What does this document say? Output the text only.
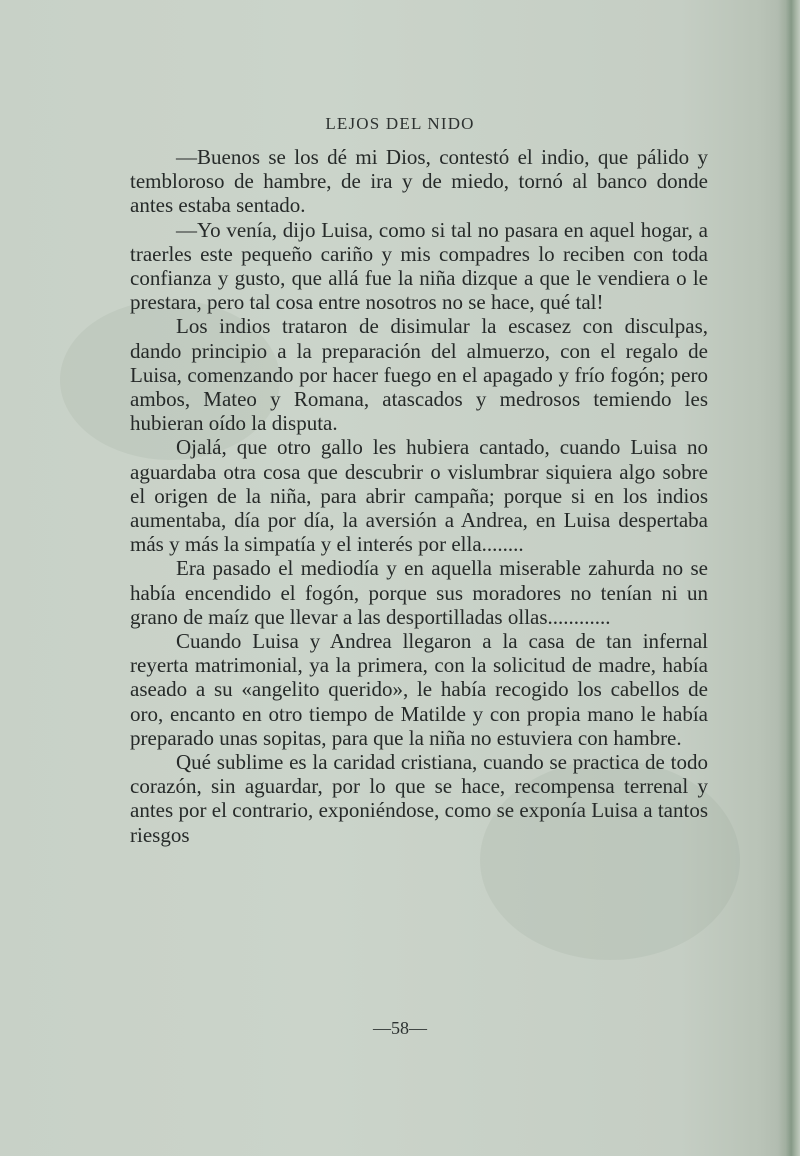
LEJOS DEL NIDO

—Buenos se los dé mi Dios, contestó el indio, que pálido y tembloroso de hambre, de ira y de miedo, tornó al banco donde antes estaba sentado.

—Yo venía, dijo Luisa, como si tal no pasara en aquel hogar, a traerles este pequeño cariño y mis compadres lo reciben con toda confianza y gusto, que allá fue la niña dizque a que le vendiera o le prestara, pero tal cosa entre nosotros no se hace, qué tal!

Los indios trataron de disimular la escasez con disculpas, dando principio a la preparación del almuerzo, con el regalo de Luisa, comenzando por hacer fuego en el apagado y frío fogón; pero ambos, Mateo y Romana, atascados y medrosos temiendo les hubieran oído la disputa.

Ojalá, que otro gallo les hubiera cantado, cuando Luisa no aguardaba otra cosa que descubrir o vislumbrar siquiera algo sobre el origen de la niña, para abrir campaña; porque si en los indios aumentaba, día por día, la aversión a Andrea, en Luisa despertaba más y más la simpatía y el interés por ella........

Era pasado el mediodía y en aquella miserable zahurda no se había encendido el fogón, porque sus moradores no tenían ni un grano de maíz que llevar a las desportilladas ollas............

Cuando Luisa y Andrea llegaron a la casa de tan infernal reyerta matrimonial, ya la primera, con la solicitud de madre, había aseado a su «angelito querido», le había recogido los cabellos de oro, encanto en otro tiempo de Matilde y con propia mano le había preparado unas sopitas, para que la niña no estuviera con hambre.

Qué sublime es la caridad cristiana, cuando se practica de todo corazón, sin aguardar, por lo que se hace, recompensa terrenal y antes por el contrario, exponiéndose, como se exponía Luisa a tantos riesgos

—58—
